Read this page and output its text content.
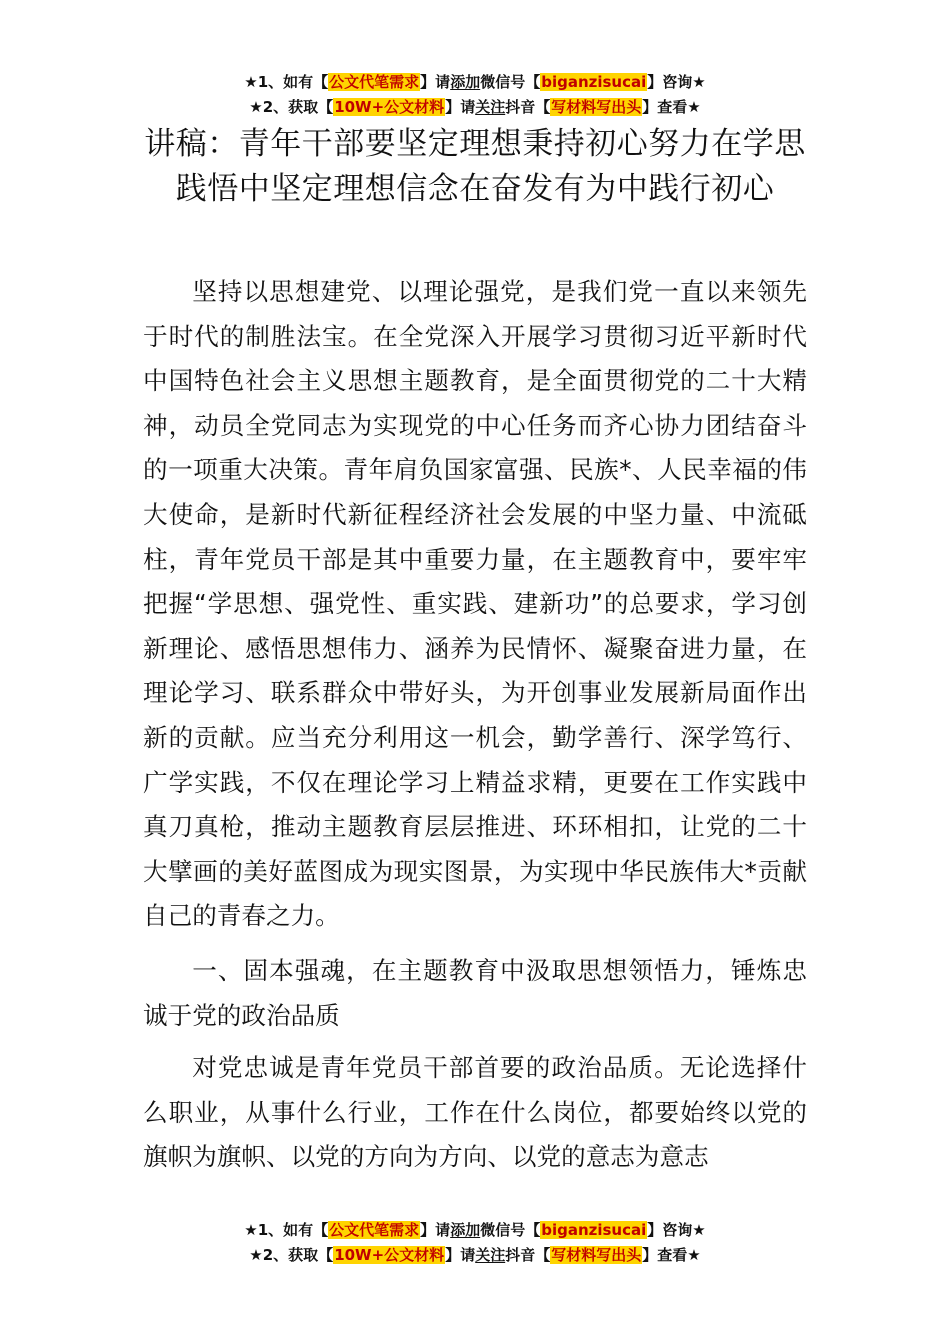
★1、如有【公文代笔需求】请添加微信号【biganzisucai】咨询★
★2、获取【10W+公文材料】请关注抖音【写材料写出头】查看★
讲稿：青年干部要坚定理想秉持初心努力在学思践悟中坚定理想信念在奋发有为中践行初心

坚持以思想建党、以理论强党，是我们党一直以来领先于时代的制胜法宝。在全党深入开展学习贯彻习近平新时代中国特色社会主义思想主题教育，是全面贯彻党的二十大精神，动员全党同志为实现党的中心任务而齐心协力团结奋斗的一项重大决策。青年肩负国家富强、民族*、人民幸福的伟大使命，是新时代新征程经济社会发展的中坚力量、中流砥柱，青年党员干部是其中重要力量，在主题教育中，要牢牢把握“学思想、强党性、重实践、建新功”的总要求，学习创新理论、感悟思想伟力、涵养为民情怀、凝聚奋进力量，在理论学习、联系群众中带好头，为开创事业发展新局面作出新的贡献。应当充分利用这一机会，勤学善行、深学笃行、广学实践，不仅在理论学习上精益求精，更要在工作实践中真刀真枪，推动主题教育层层推进、环环相扣，让党的二十大擘画的美好蓝图成为现实图景，为实现中华民族伟大*贡献自己的青春之力。

一、固本强魂，在主题教育中汲取思想领悟力，锤炼忠诚于党的政治品质

对党忠诚是青年党员干部首要的政治品质。无论选择什么职业，从事什么行业，工作在什么岗位，都要始终以党的旗帜为旗帜、以党的方向为方向、以党的意志为意志

★1、如有【公文代笔需求】请添加微信号【biganzisucai】咨询★
★2、获取【10W+公文材料】请关注抖音【写材料写出头】查看★
